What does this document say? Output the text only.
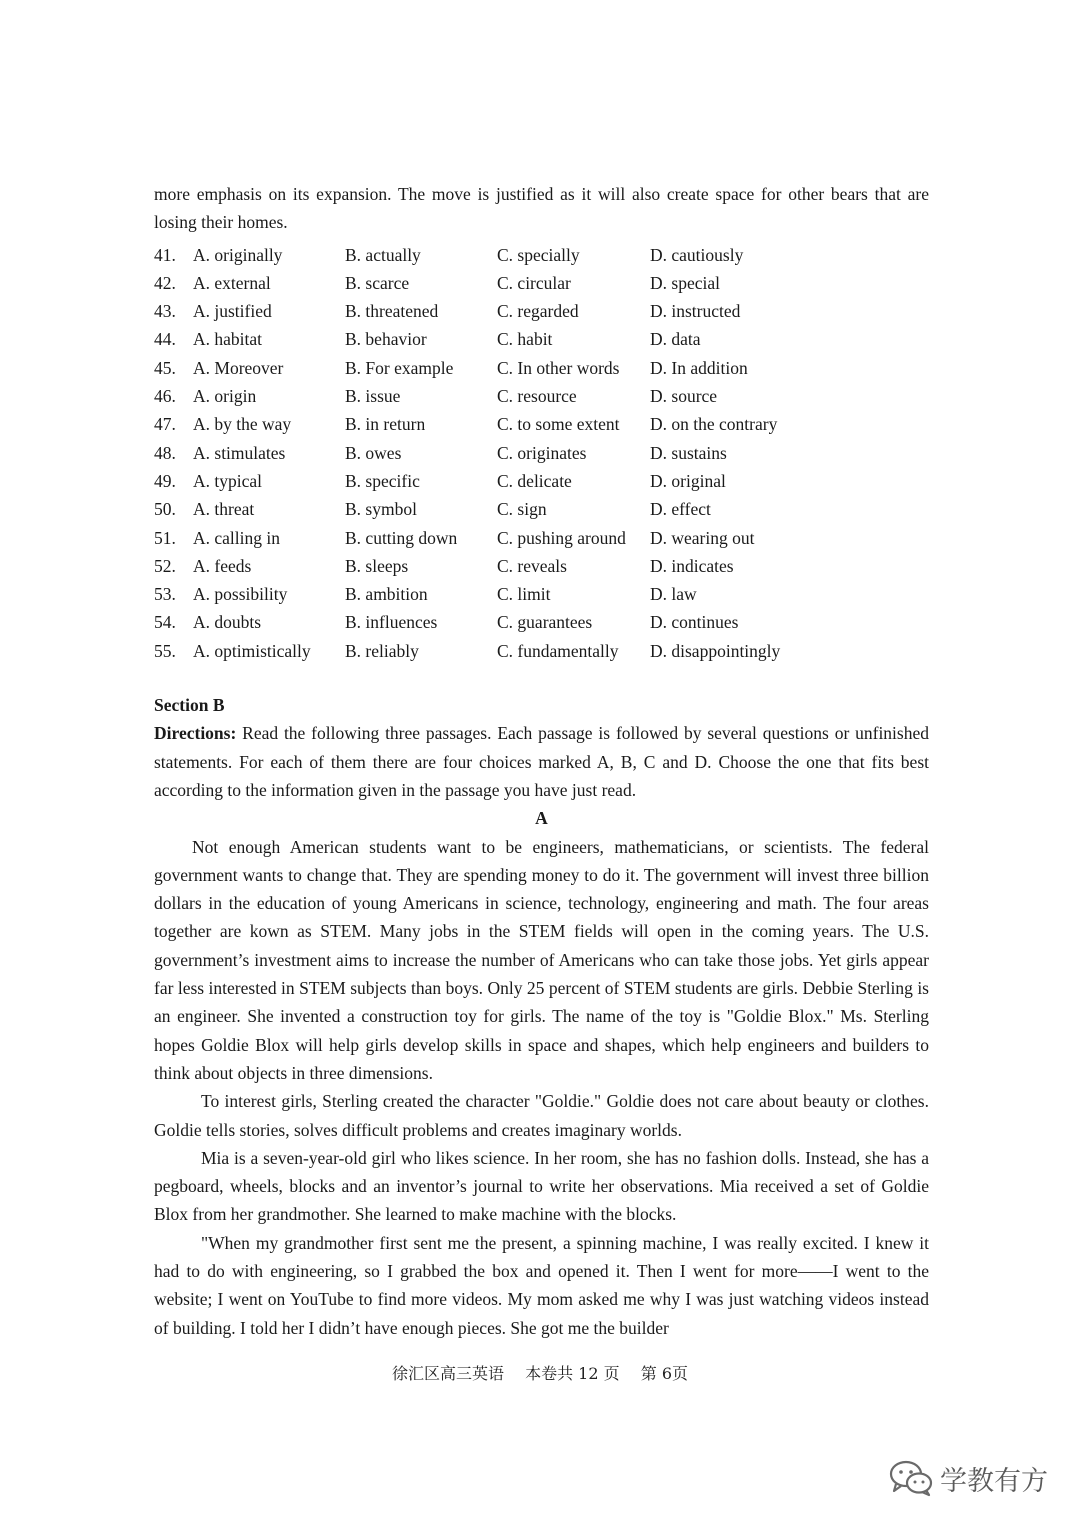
more emphasis on its expansion. The move is justified as it will also create space for other bears that are losing their homes.

41. A. originally	B. actually	C. specially	D. cautiously
42. A. external	B. scarce	C. circular	D. special
43. A. justified	B. threatened	C. regarded	D. instructed
44. A. habitat	B. behavior	C. habit	D. data
45. A. Moreover	B. For example	C. In other words	D. In addition
46. A. origin	B. issue	C. resource	D. source
47. A. by the way	B. in return	C. to some extent	D. on the contrary
48. A. stimulates	B. owes	C. originates	D. sustains
49. A. typical	B. specific	C. delicate	D. original
50. A. threat	B. symbol	C. sign	D. effect
51. A. calling in	B. cutting down	C. pushing around	D. wearing out
52. A. feeds	B. sleeps	C. reveals	D. indicates
53. A. possibility	B. ambition	C. limit	D. law
54. A. doubts	B. influences	C. guarantees	D. continues
55. A. optimistically	B. reliably	C. fundamentally	D. disappointingly
Section B

Directions: Read the following three passages. Each passage is followed by several questions or unfinished statements. For each of them there are four choices marked A, B, C and D. Choose the one that fits best according to the information given in the passage you have just read.

A

Not enough American students want to be engineers, mathematicians, or scientists. The federal government wants to change that. They are spending money to do it. The government will invest three billion dollars in the education of young Americans in science, technology, engineering and math. The four areas together are kown as STEM. Many jobs in the STEM fields will open in the coming years. The U.S. government’s investment aims to increase the number of Americans who can take those jobs. Yet girls appear far less interested in STEM subjects than boys. Only 25 percent of STEM students are girls. Debbie Sterling is an engineer. She invented a construction toy for girls. The name of the toy is "Goldie Blox." Ms. Sterling hopes Goldie Blox will help girls develop skills in space and shapes, which help engineers and builders to think about objects in three dimensions.

To interest girls, Sterling created the character "Goldie." Goldie does not care about beauty or clothes. Goldie tells stories, solves difficult problems and creates imaginary worlds.

Mia is a seven-year-old girl who likes science. In her room, she has no fashion dolls. Instead, she has a pegboard, wheels, blocks and an inventor’s journal to write her observations. Mia received a set of Goldie Blox from her grandmother. She learned to make machine with the blocks.

"When my grandmother first sent me the present, a spinning machine, I was really excited. I knew it had to do with engineering, so I grabbed the box and opened it. Then I went for more——I went to the website; I went on YouTube to find more videos. My mom asked me why I was just watching videos instead of building. I told her I didn’t have enough pieces. She got me the builder

徐汇区高三英语 本卷共 12 页 第 6页
学教有方
